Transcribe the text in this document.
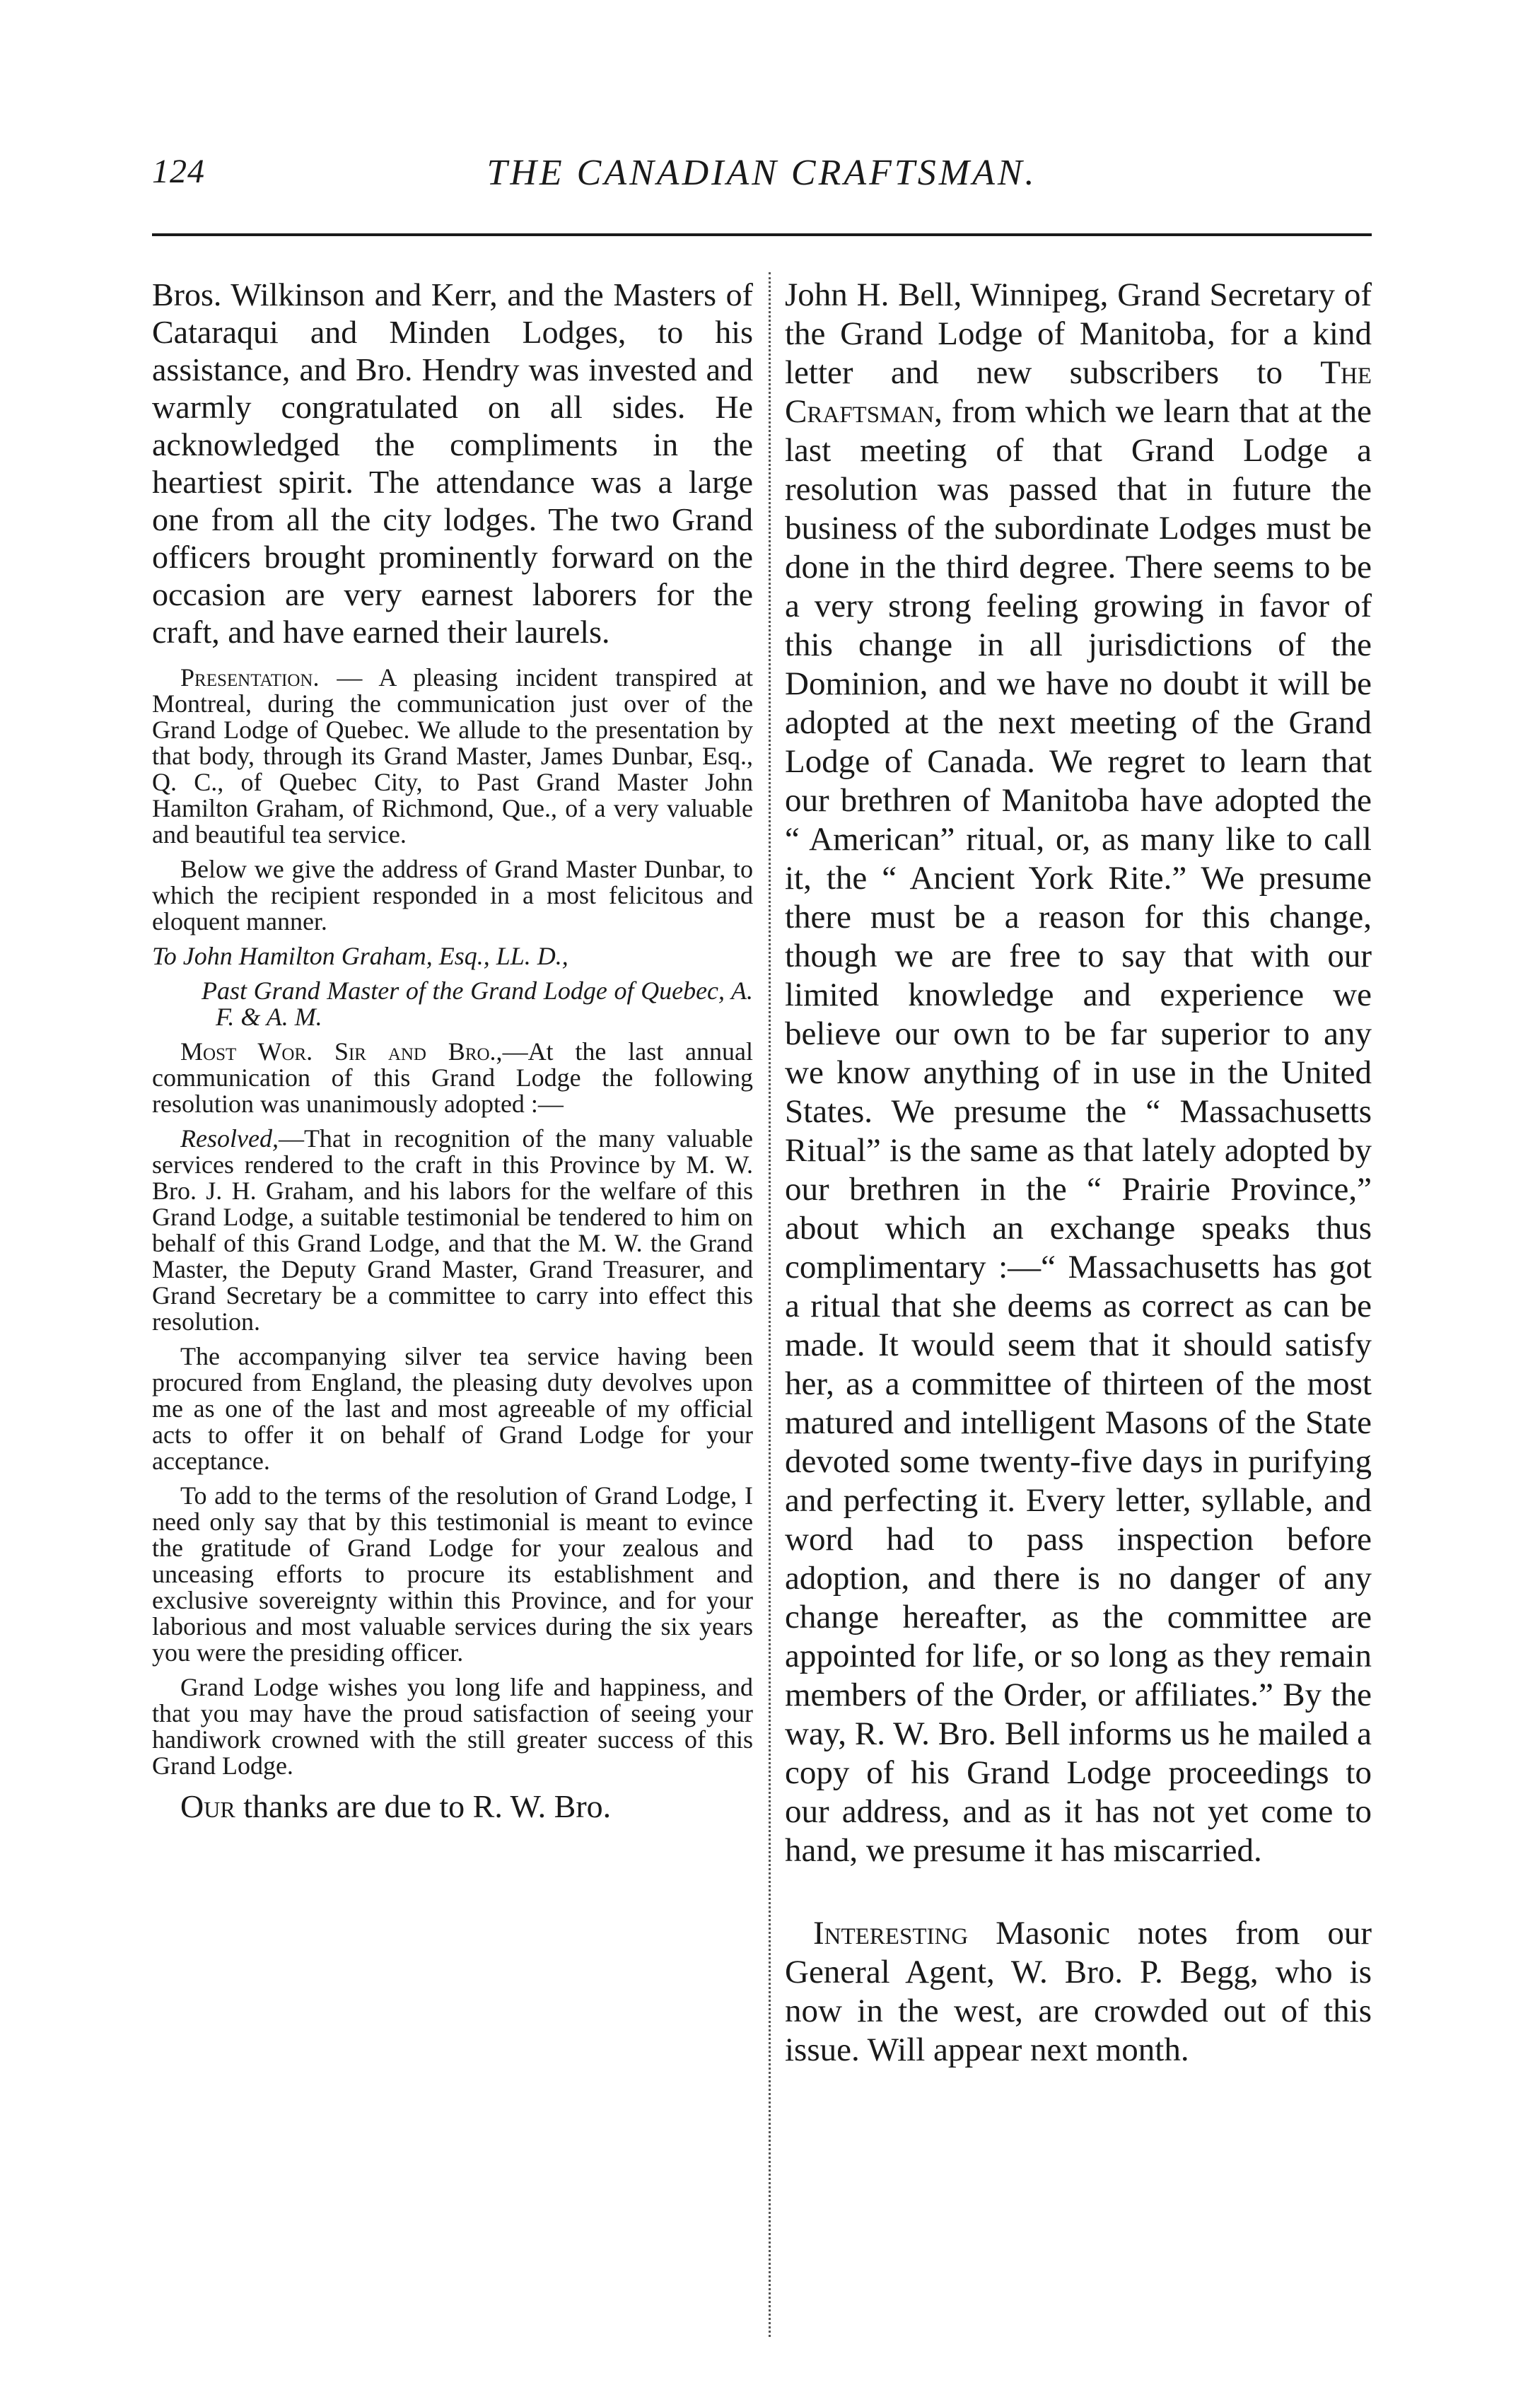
124	THE CANADIAN CRAFTSMAN.

Bros. Wilkinson and Kerr, and the Masters of Cataraqui and Minden Lodges, to his assistance, and Bro. Hendry was invested and warmly congratulated on all sides. He acknowledged the compliments in the heartiest spirit. The attendance was a large one from all the city lodges. The two Grand officers brought prominently forward on the occasion are very earnest laborers for the craft, and have earned their laurels.

Presentation. — A pleasing incident transpired at Montreal, during the communication just over of the Grand Lodge of Quebec. We allude to the presentation by that body, through its Grand Master, James Dunbar, Esq., Q. C., of Quebec City, to Past Grand Master John Hamilton Graham, of Richmond, Que., of a very valuable and beautiful tea service.

Below we give the address of Grand Master Dunbar, to which the recipient responded in a most felicitous and eloquent manner.

To John Hamilton Graham, Esq., LL. D.,

Past Grand Master of the Grand Lodge of Quebec, A. F. & A. M.

Most Wor. Sir and Bro.,—At the last annual communication of this Grand Lodge the following resolution was unanimously adopted :—

Resolved,—That in recognition of the many valuable services rendered to the craft in this Province by M. W. Bro. J. H. Graham, and his labors for the welfare of this Grand Lodge, a suitable testimonial be tendered to him on behalf of this Grand Lodge, and that the M. W. the Grand Master, the Deputy Grand Master, Grand Treasurer, and Grand Secretary be a committee to carry into effect this resolution.

The accompanying silver tea service having been procured from England, the pleasing duty devolves upon me as one of the last and most agreeable of my official acts to offer it on behalf of Grand Lodge for your acceptance.

To add to the terms of the resolution of Grand Lodge, I need only say that by this testimonial is meant to evince the gratitude of Grand Lodge for your zealous and unceasing efforts to procure its establishment and exclusive sovereignty within this Province, and for your laborious and most valuable services during the six years you were the presiding officer.

Grand Lodge wishes you long life and happiness, and that you may have the proud satisfaction of seeing your handiwork crowned with the still greater success of this Grand Lodge.

Our thanks are due to R. W. Bro.

John H. Bell, Winnipeg, Grand Secretary of the Grand Lodge of Manitoba, for a kind letter and new subscribers to The Craftsman, from which we learn that at the last meeting of that Grand Lodge a resolution was passed that in future the business of the subordinate Lodges must be done in the third degree. There seems to be a very strong feeling growing in favor of this change in all jurisdictions of the Dominion, and we have no doubt it will be adopted at the next meeting of the Grand Lodge of Canada. We regret to learn that our brethren of Manitoba have adopted the “ American” ritual, or, as many like to call it, the “ Ancient York Rite.” We presume there must be a reason for this change, though we are free to say that with our limited knowledge and experience we believe our own to be far superior to any we know anything of in use in the United States. We presume the “ Massachusetts Ritual” is the same as that lately adopted by our brethren in the “ Prairie Province,” about which an exchange speaks thus complimentary :—“ Massachusetts has got a ritual that she deems as correct as can be made. It would seem that it should satisfy her, as a committee of thirteen of the most matured and intelligent Masons of the State devoted some twenty-five days in purifying and perfecting it. Every letter, syllable, and word had to pass inspection before adoption, and there is no danger of any change hereafter, as the committee are appointed for life, or so long as they remain members of the Order, or affiliates.” By the way, R. W. Bro. Bell informs us he mailed a copy of his Grand Lodge proceedings to our address, and as it has not yet come to hand, we presume it has miscarried.

Interesting Masonic notes from our General Agent, W. Bro. P. Begg, who is now in the west, are crowded out of this issue. Will appear next month.
